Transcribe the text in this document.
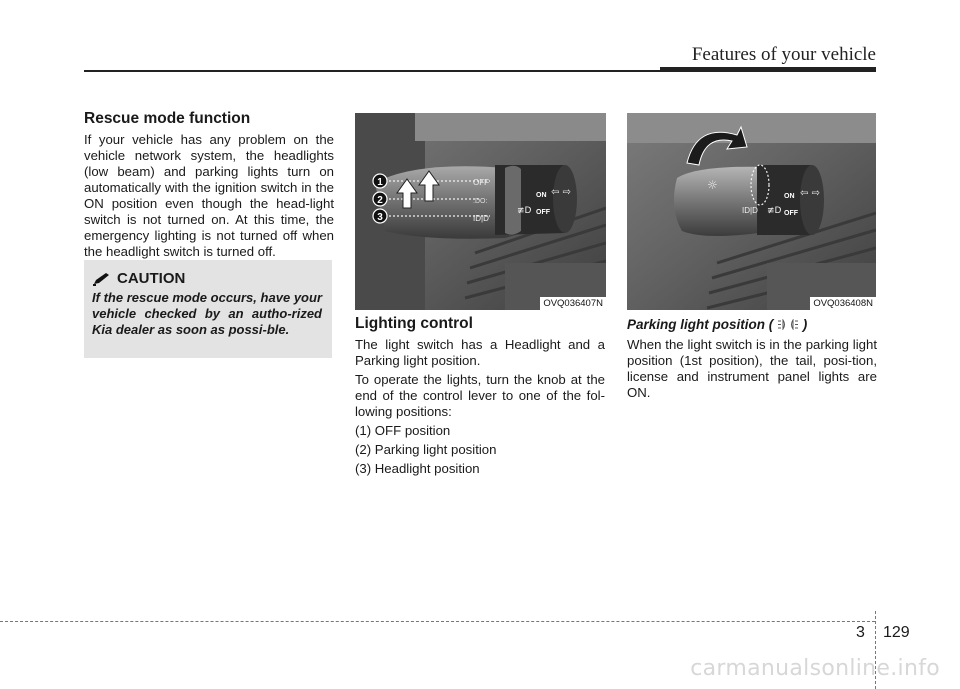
Features of your vehicle
Rescue mode function

If your vehicle has any problem on the vehicle network system, the headlights (low beam) and parking lights turn on automatically with the ignition switch in the ON position even though the head-light switch is not turned on. At this time, the emergency lighting is not turned off when the headlight switch is turned off.

CAUTION
If the rescue mode occurs, have your vehicle checked by an autho-rized Kia dealer as soon as possi-ble.
1
2
3
OFF
:DO:
ID|D
ON
OFF
⇦ ⇨
≢D
OVQ036407N
☼
ID|D
ON
OFF
⇦ ⇨
≢D
OVQ036408N
Lighting control

The light switch has a Headlight and a Parking light position.

To operate the lights, turn the knob at the end of the control lever to one of the fol-lowing positions:

(1) OFF position

(2) Parking light position

(3) Headlight position

Parking light position ( )

When the light switch is in the parking light position (1st position), the tail, posi-tion, license and instrument panel lights are ON.

3 129
carmanualsonline.info
